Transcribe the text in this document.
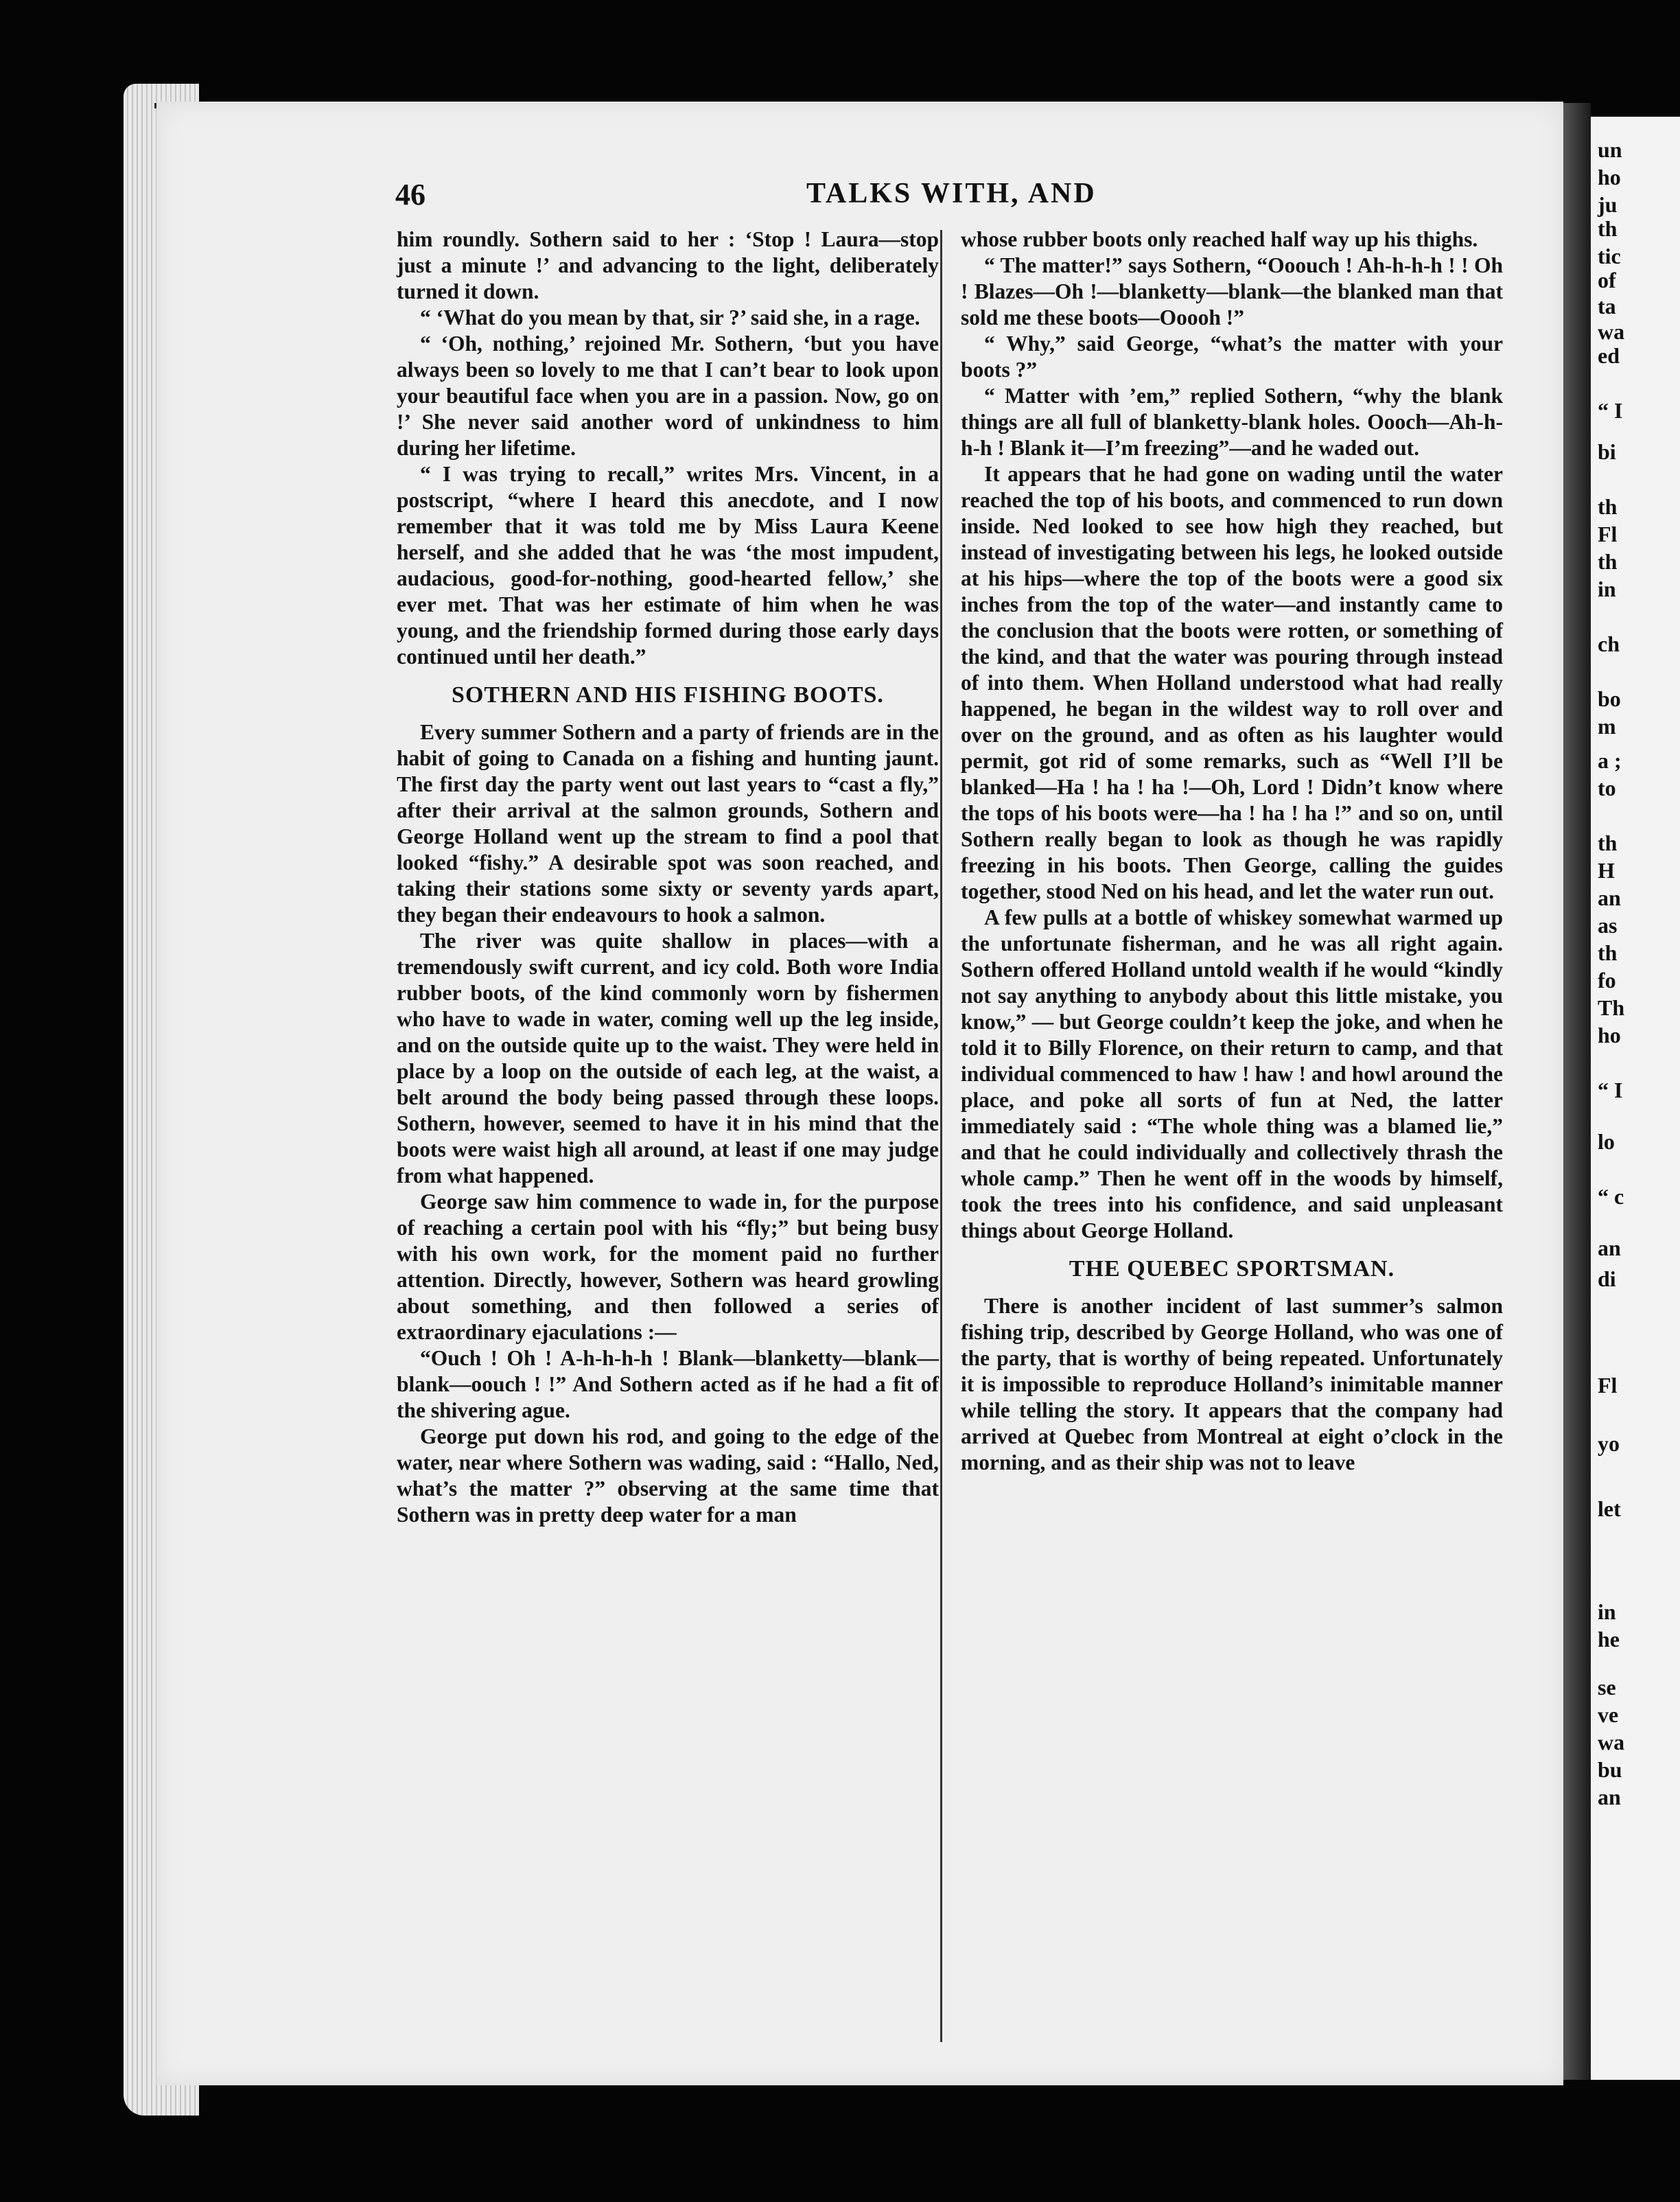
un
ho
ju
th
tic
of
ta
wa
ed
“ I
bi
th
Fl
th
in
ch
bo
m
a ;
to
th
H
an
as
th
fo
Th
ho
“ I
lo
“ c
an
di
Fl
yo
let
in
he
se
ve
wa
bu
an
46	TALKS WITH, AND

him roundly. Sothern said to her : ‘Stop ! Laura—stop just a minute !’ and advancing to the light, deliberately turned it down.

“ ‘What do you mean by that, sir ?’ said she, in a rage.

“ ‘Oh, nothing,’ rejoined Mr. Sothern, ‘but you have always been so lovely to me that I can’t bear to look upon your beautiful face when you are in a passion. Now, go on !’ She never said another word of unkindness to him during her lifetime.

“ I was trying to recall,” writes Mrs. Vincent, in a postscript, “where I heard this anecdote, and I now remember that it was told me by Miss Laura Keene herself, and she added that he was ‘the most impudent, audacious, good-for-nothing, good-hearted fellow,’ she ever met. That was her estimate of him when he was young, and the friendship formed during those early days continued until her death.”

SOTHERN AND HIS FISHING BOOTS.

Every summer Sothern and a party of friends are in the habit of going to Canada on a fishing and hunting jaunt. The first day the party went out last years to “cast a fly,” after their arrival at the salmon grounds, Sothern and George Holland went up the stream to find a pool that looked “fishy.” A desirable spot was soon reached, and taking their stations some sixty or seventy yards apart, they began their endeavours to hook a salmon.

The river was quite shallow in places—with a tremendously swift current, and icy cold. Both wore India rubber boots, of the kind commonly worn by fishermen who have to wade in water, coming well up the leg inside, and on the outside quite up to the waist. They were held in place by a loop on the outside of each leg, at the waist, a belt around the body being passed through these loops. Sothern, however, seemed to have it in his mind that the boots were waist high all around, at least if one may judge from what happened.

George saw him commence to wade in, for the purpose of reaching a certain pool with his “fly;” but being busy with his own work, for the moment paid no further attention. Directly, however, Sothern was heard growling about something, and then followed a series of extraordinary ejaculations :—

“Ouch ! Oh ! A-h-h-h-h ! Blank—blanketty—blank—blank—oouch ! !” And Sothern acted as if he had a fit of the shivering ague.

George put down his rod, and going to the edge of the water, near where Sothern was wading, said : “Hallo, Ned, what’s the matter ?” observing at the same time that Sothern was in pretty deep water for a man

whose rubber boots only reached half way up his thighs.

“ The matter!” says Sothern, “Ooouch ! Ah-h-h-h ! ! Oh ! Blazes—Oh !—blanketty—blank—the blanked man that sold me these boots—Ooooh !”

“ Why,” said George, “what’s the matter with your boots ?”

“ Matter with ’em,” replied Sothern, “why the blank things are all full of blanketty-blank holes. Oooch—Ah-h-h-h ! Blank it—I’m freezing”—and he waded out.

It appears that he had gone on wading until the water reached the top of his boots, and commenced to run down inside. Ned looked to see how high they reached, but instead of investigating between his legs, he looked outside at his hips—where the top of the boots were a good six inches from the top of the water—and instantly came to the conclusion that the boots were rotten, or something of the kind, and that the water was pouring through instead of into them. When Holland understood what had really happened, he began in the wildest way to roll over and over on the ground, and as often as his laughter would permit, got rid of some remarks, such as “Well I’ll be blanked—Ha ! ha ! ha !—Oh, Lord ! Didn’t know where the tops of his boots were—ha ! ha ! ha !” and so on, until Sothern really began to look as though he was rapidly freezing in his boots. Then George, calling the guides together, stood Ned on his head, and let the water run out.

A few pulls at a bottle of whiskey somewhat warmed up the unfortunate fisherman, and he was all right again. Sothern offered Holland untold wealth if he would “kindly not say anything to anybody about this little mistake, you know,” — but George couldn’t keep the joke, and when he told it to Billy Florence, on their return to camp, and that individual commenced to haw ! haw ! and howl around the place, and poke all sorts of fun at Ned, the latter immediately said : “The whole thing was a blamed lie,” and that he could individually and collectively thrash the whole camp.” Then he went off in the woods by himself, took the trees into his confidence, and said unpleasant things about George Holland.

THE QUEBEC SPORTSMAN.

There is another incident of last summer’s salmon fishing trip, described by George Holland, who was one of the party, that is worthy of being repeated. Unfortunately it is impossible to reproduce Holland’s inimitable manner while telling the story. It appears that the company had arrived at Quebec from Montreal at eight o’clock in the morning, and as their ship was not to leave
